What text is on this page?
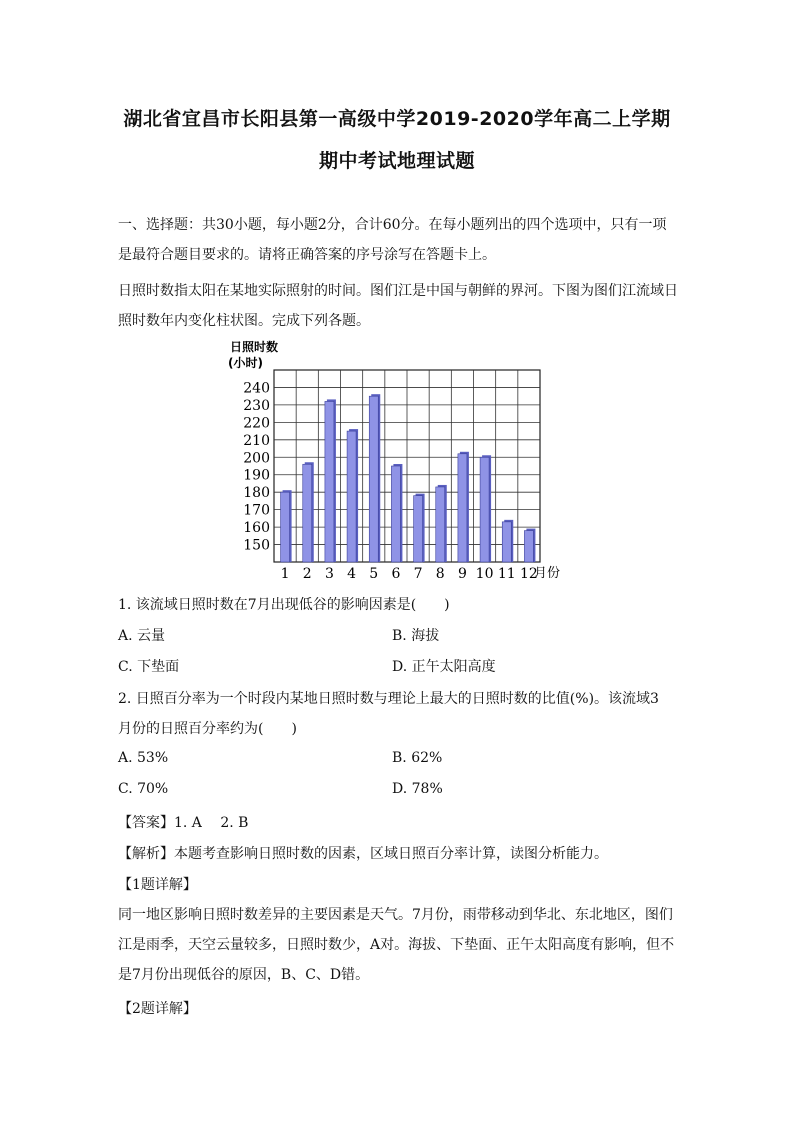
湖北省宜昌市长阳县第一高级中学2019-2020学年高二上学期
期中考试地理试题
一、选择题：共30小题，每小题2分，合计60分。在每小题列出的四个选项中，只有一项是最符合题目要求的。请将正确答案的序号涂写在答题卡上。
日照时数指太阳在某地实际照射的时间。图们江是中国与朝鲜的界河。下图为图们江流域日照时数年内变化柱状图。完成下列各题。
日照时数
(小时)
150
160
170
180
190
200
210
220
230
240
1 2 3 4 5 6 7 8 9 10 11 12
月份
1. 该流域日照时数在7月出现低谷的影响因素是(　　)
A. 云量	B. 海拔
C. 下垫面	D. 正午太阳高度
2. 日照百分率为一个时段内某地日照时数与理论上最大的日照时数的比值(%)。该流域3
月份的日照百分率约为(　　)
A. 53%	B. 62%
C. 70%	D. 78%
【答案】1. A　 2. B
【解析】本题考查影响日照时数的因素，区域日照百分率计算，读图分析能力。
【1题详解】
同一地区影响日照时数差异的主要因素是天气。7月份，雨带移动到华北、东北地区，图们江是雨季，天空云量较多，日照时数少，A对。海拔、下垫面、正午太阳高度有影响，但不是7月份出现低谷的原因，B、C、D错。
【2题详解】
